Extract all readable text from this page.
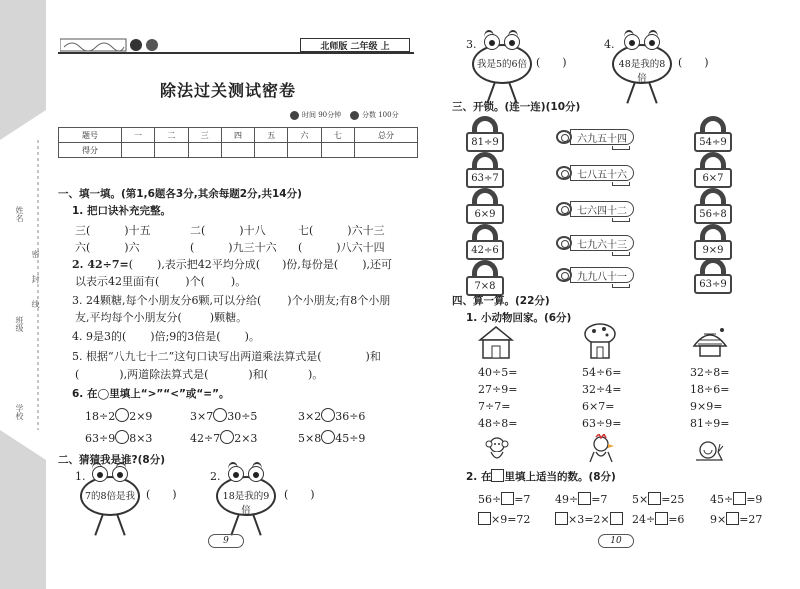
姓名
班级
学校
密
封
线
北师版 二年级 上
除法过关测试密卷
时间 90分钟	分数 100分
题号	一	二	三	四	五	六	七	总分
得分								
一、填一填。(第1,6题各3分,其余每题2分,共14分)
1. 把口诀补充完整。
三(	)十五	二(	)十八	七(	)六十三
六(	)六	(	)九三十六 (	)八六十四
2. 42÷7=( ),表示把42平均分成( )份,每份是( ),还可
以表示42里面有( )个( )。
3. 24颗糖,每个小朋友分6颗,可以分给( )个小朋友;有8个小朋
友,平均每个小朋友分(	)颗糖。
4. 9是3的( )倍;9的3倍是( )。
5. 根据“八九七十二”这句口诀写出两道乘法算式是(	)和
(	),两道除法算式是(	)和(	)。
6. 在◯里填上“>”“<”或“=”。
18÷2 2×9	3×7 30÷5	3×2 36÷6
63÷9 8×3	42÷7 2×3	5×8 45÷9
二、猜猜我是谁?(8分)
1.
7的8倍是我 ( )
2.
18是我的9倍
( )
9
3.
我是5的6倍 ( )
4.
48是我的8倍
( )
三、开锁。(连一连)(10分)
81÷9
63÷7
6×9
42÷6
7×8
六九五十四
七八五十六
七六四十二
七九六十三
九九八十一
54÷9
6×7
56÷8
9×9
63÷9
四、算一算。(22分)
1. 小动物回家。(6分)
40÷5=
27÷9=
7÷7=
48÷8=
54÷6=
32÷4=
6×7=
63÷9=
32÷8=
18÷6=
9×9=
81÷9=
2. 在 里填上适当的数。(8分)
56÷ =7 49÷ =7 5× =25 45÷ =9
×9=72	×3=2×	24÷ =6 9× =27
10
